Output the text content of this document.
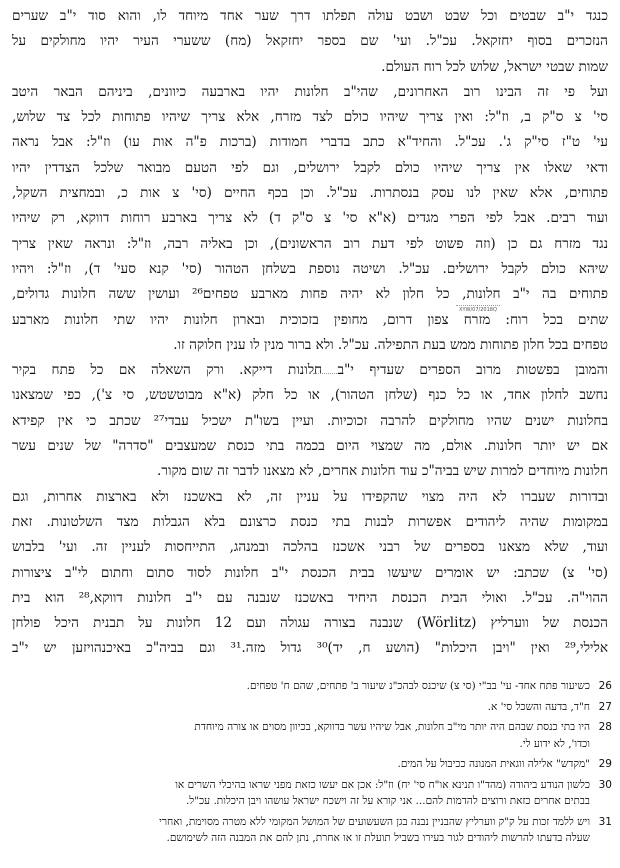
כנגד י"ב שבטים וכל שבט ושבט עולה תפלתו דרך שער אחד מיוחד לו, והוא סוד י"ב שערים
הנזכרים בסוף יחזקאל. עכ"ל. ועי' שם בספר יחזקאל (מח) ששערי העיר יהיו מחולקים על
שמות שבטי ישראל, שלוש לכל רוח העולם.
ועל פי זה הבינו רוב האחרונים, שהי"ב חלונות יהיו בארבעה כיוונים, ביניהם הבאר היטב
סי' צ ס"ק ב, וז"ל: ואין צריך שיהיו כולם לצד מזרח, אלא צריך שיהיו פתוחות לכל צד שלוש,
עי' ט"ז סי"ק ג'. עכ"ל. והחיד"א כתב בדברי חמודות (ברכות פ"ה אות עו) וז"ל: אבל נראה
ודאי שאלו אין צריך שיהיו כולם לקבל ירושלים, וגם לפי הטעם מבואר שלכל הצדדין יהיו
פתוחים, אלא שאין לנו עסק בנסתרות. עכ"ל. וכן בכף החיים (סי' צ אות כ, ובמחצית השקל,
ועוד רבים. אבל לפי הפרי מגדים (א"א סי' צ ס"ק ד) לא צריך בארבע רוחות דווקא, רק שיהיו
נגד מזרח גם כן (וזה פשוט לפי דעת רוב הראשונים), וכן באליה רבה, וז"ל: ונראה שאין צריך
שיהא כולם לקבל ירושלים. עכ"ל. ושיטה נוספת בשלחן הטהור (סי' קנא סעי' ד), וז"ל: ויהיו
פתוחים בה י"ב חלונות, כל חלון לא יהיה פחות מארבע טפחים²⁶ ועושין ששה חלונות גדולים,
שתים בכל רוח: מזרח צפון דרום, מחופין בזכוכית ובארון חלונות יהיו שתי חלונות מארבע
טפחים בכל חלון פתוחות ממש בעת התפילה. עכ"ל. ולא ברור מנין לו ענין חלוקה זו.
והמובן בפשטות מרוב הספרים שעדיף י"ב חלונות דייקא. ורק השאלה אם כל פתח בקיר
נחשב לחלון אחד, או כל כנף (שלחן הטהור), או כל חלק (א"א מבוטשטש, סי צ'), כפי שמצאנו
בחלונות ישנים שהיו מחולקים להרבה זכוכיות. ועיין בשו"ת ישכיל עבדי²⁷ שכתב כי אין קפידא
אם יש יותר חלונות. אולם, מה שמצוי היום בכמה בתי כנסת שמעצבים "סדרה" של שנים עשר
חלונות מיוחדים למרות שיש בביה"כ עוד חלונות אחרים, לא מצאנו לדבר זה שום מקור.
ובדורות שעברו לא היה מצוי שהקפידו על עניין זה, לא באשכנז ולא בארצות אחרות, וגם
במקומות שהיה ליהודים אפשרות לבנות בתי כנסת כרצונם בלא הגבלות מצד השלטונות. זאת
ועוד, שלא מצאנו בספרים של רבני אשכנז בהלכה ובמנהג, התייחסות לעניין זה. ועי' בלבוש
(סי' צ) שכתב: יש אומרים שיעשו בבית הכנסת י"ב חלונות לסוד סתום וחתום לי"ב ציצורות
ההוי"ה. עכ"ל. ואולי הבית הכנסת היחיד באשכנז שנבנה עם י"ב חלונות דווקא,²⁸ הוא בית
הכנסת של ווערליץ (Wörlitz) שנבנה בצורה עגולה ועם 12 חלונות על תבנית היכל פולחן
אלילי,²⁹ ואין "ויבן היכלות" (הושע ח, יד)³⁰ גדול מזה.³¹ וגם בביה"כ באיכנהויזען יש י"ב
XYW/07/2018Q
26
כשיעור פתח אחד- עי' בב"י (סי צ) שיכנס לבהכ"נ שיעור ב' פתחים, שהם ח' טפחים.
27
ח"ד, בדעה והשכל סי' א.
28
היו בתי כנסת שבהם היה יותר מי"ב חלונות, אבל שיהיו עשר בדווקא, בכיוון מסוים או צורה מיוחדת
וכדו', לא ידוע לי.
29
"מקדש" אלילה ווגאית המנונה ככיבול על המים.
30
כלשון הנודע ביהודה (מהד"ו תנינא או"ח סי' יח) וז"ל: אכן אם יעשו כזאת מפני שראו בהיכלי השרים או
בבתים אחרים כזאת ורוצים להדמות להם... אני קורא על זה וישכח ישראל עושהו ויבן היכלות. עכ"ל.
31
ויש ללמד זכות על ק"ק ווערליץ שהבניין נבנה בגן השעשועים של המושל המקומי ללא מטרה מסוימת, ואחרי
שעלה בדעתו להרשות ליהודים לגור בעירו בשביל תועלת זו או אחרת, נתן להם את המבנה הזה לשימושם.
